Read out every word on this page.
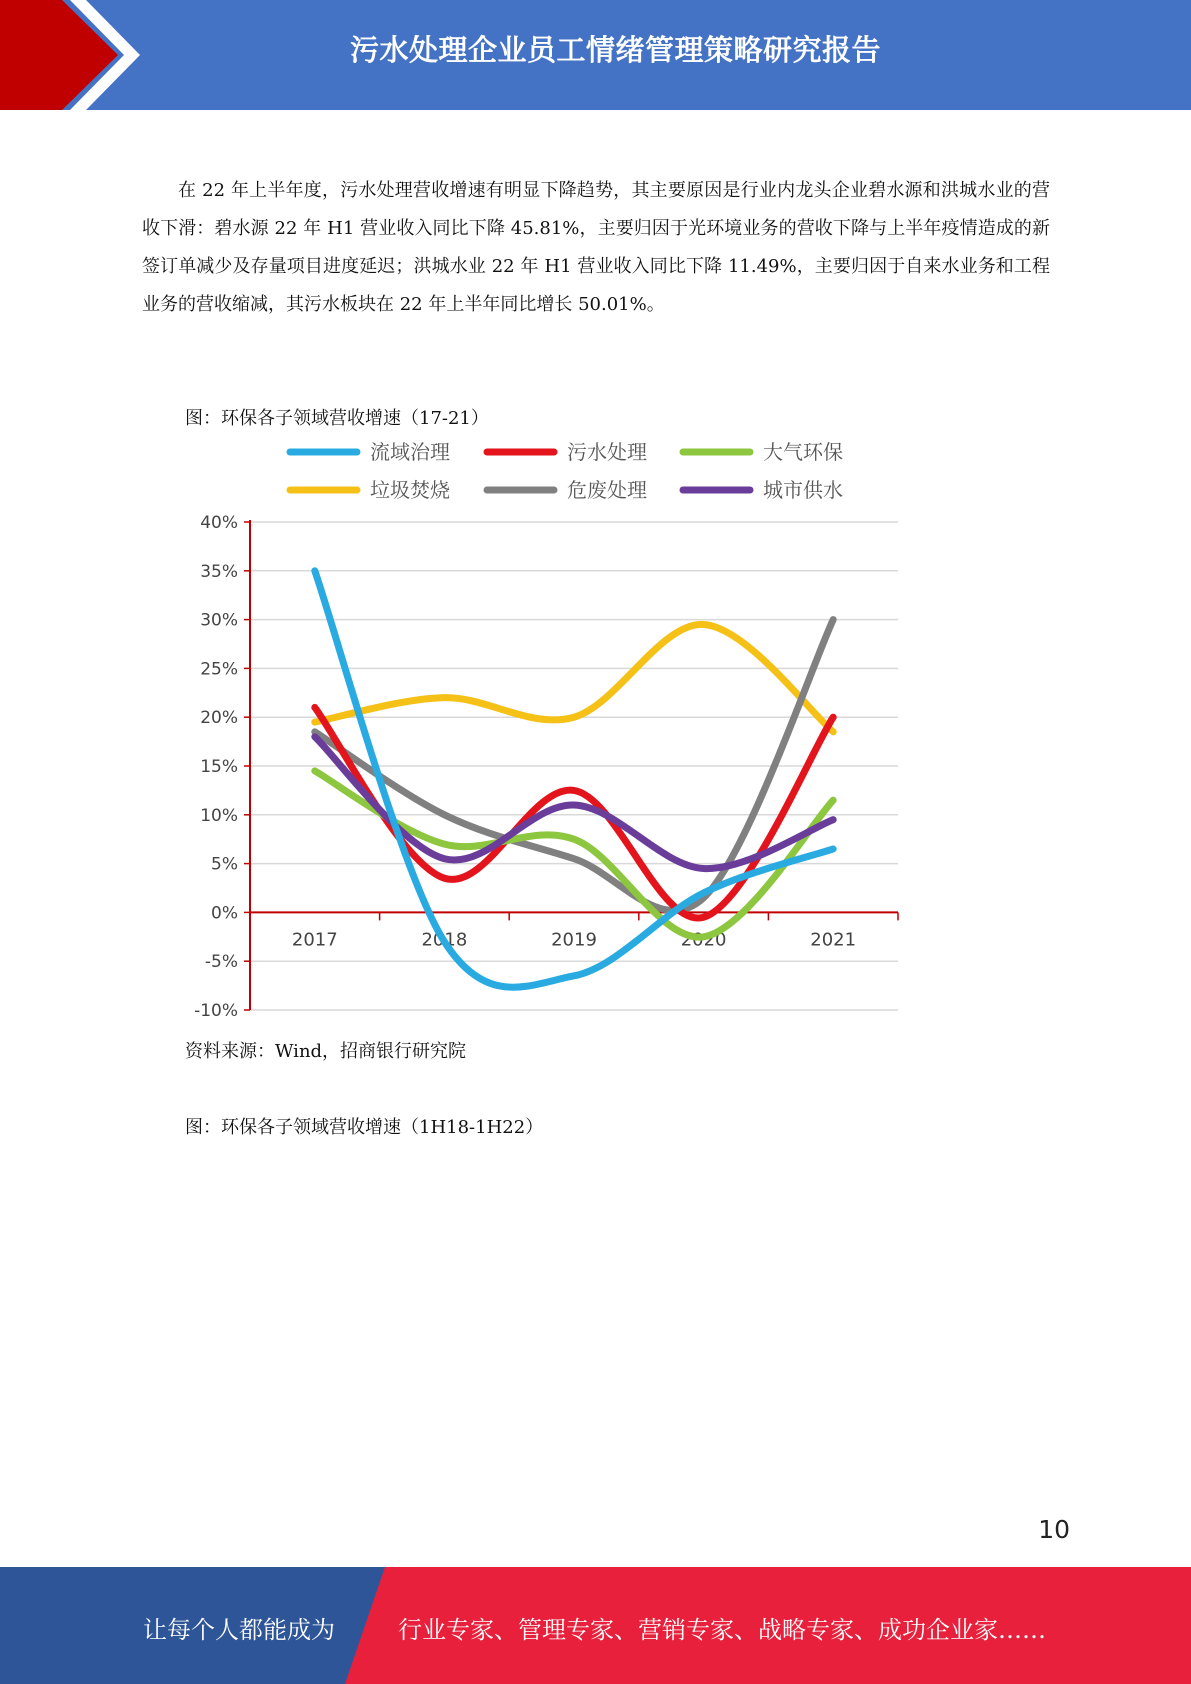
污水处理企业员工情绪管理策略研究报告

在 22 年上半年度，污水处理营收增速有明显下降趋势，其主要原因是行业内龙头企业碧水源和洪城水业的营收下滑：碧水源 22 年 H1 营业收入同比下降 45.81%，主要归因于光环境业务的营收下降与上半年疫情造成的新签订单减少及存量项目进度延迟；洪城水业 22 年 H1 营业收入同比下降 11.49%，主要归因于自来水业务和工程业务的营收缩减，其污水板块在 22 年上半年同比增长 50.01%。

图：环保各子领域营收增速（17-21）

流域治理	污水处理	大气环保
垃圾焚烧	危废处理	城市供水
40%
35%
30%
25%
20%
15%
10%
5%
0%
-5%
-10%
2017	2018	2019	2020	2021

资料来源：Wind，招商银行研究院

图：环保各子领域营收增速（1H18-1H22）

10
让每个人都能成为	行业专家、管理专家、营销专家、战略专家、成功企业家……
